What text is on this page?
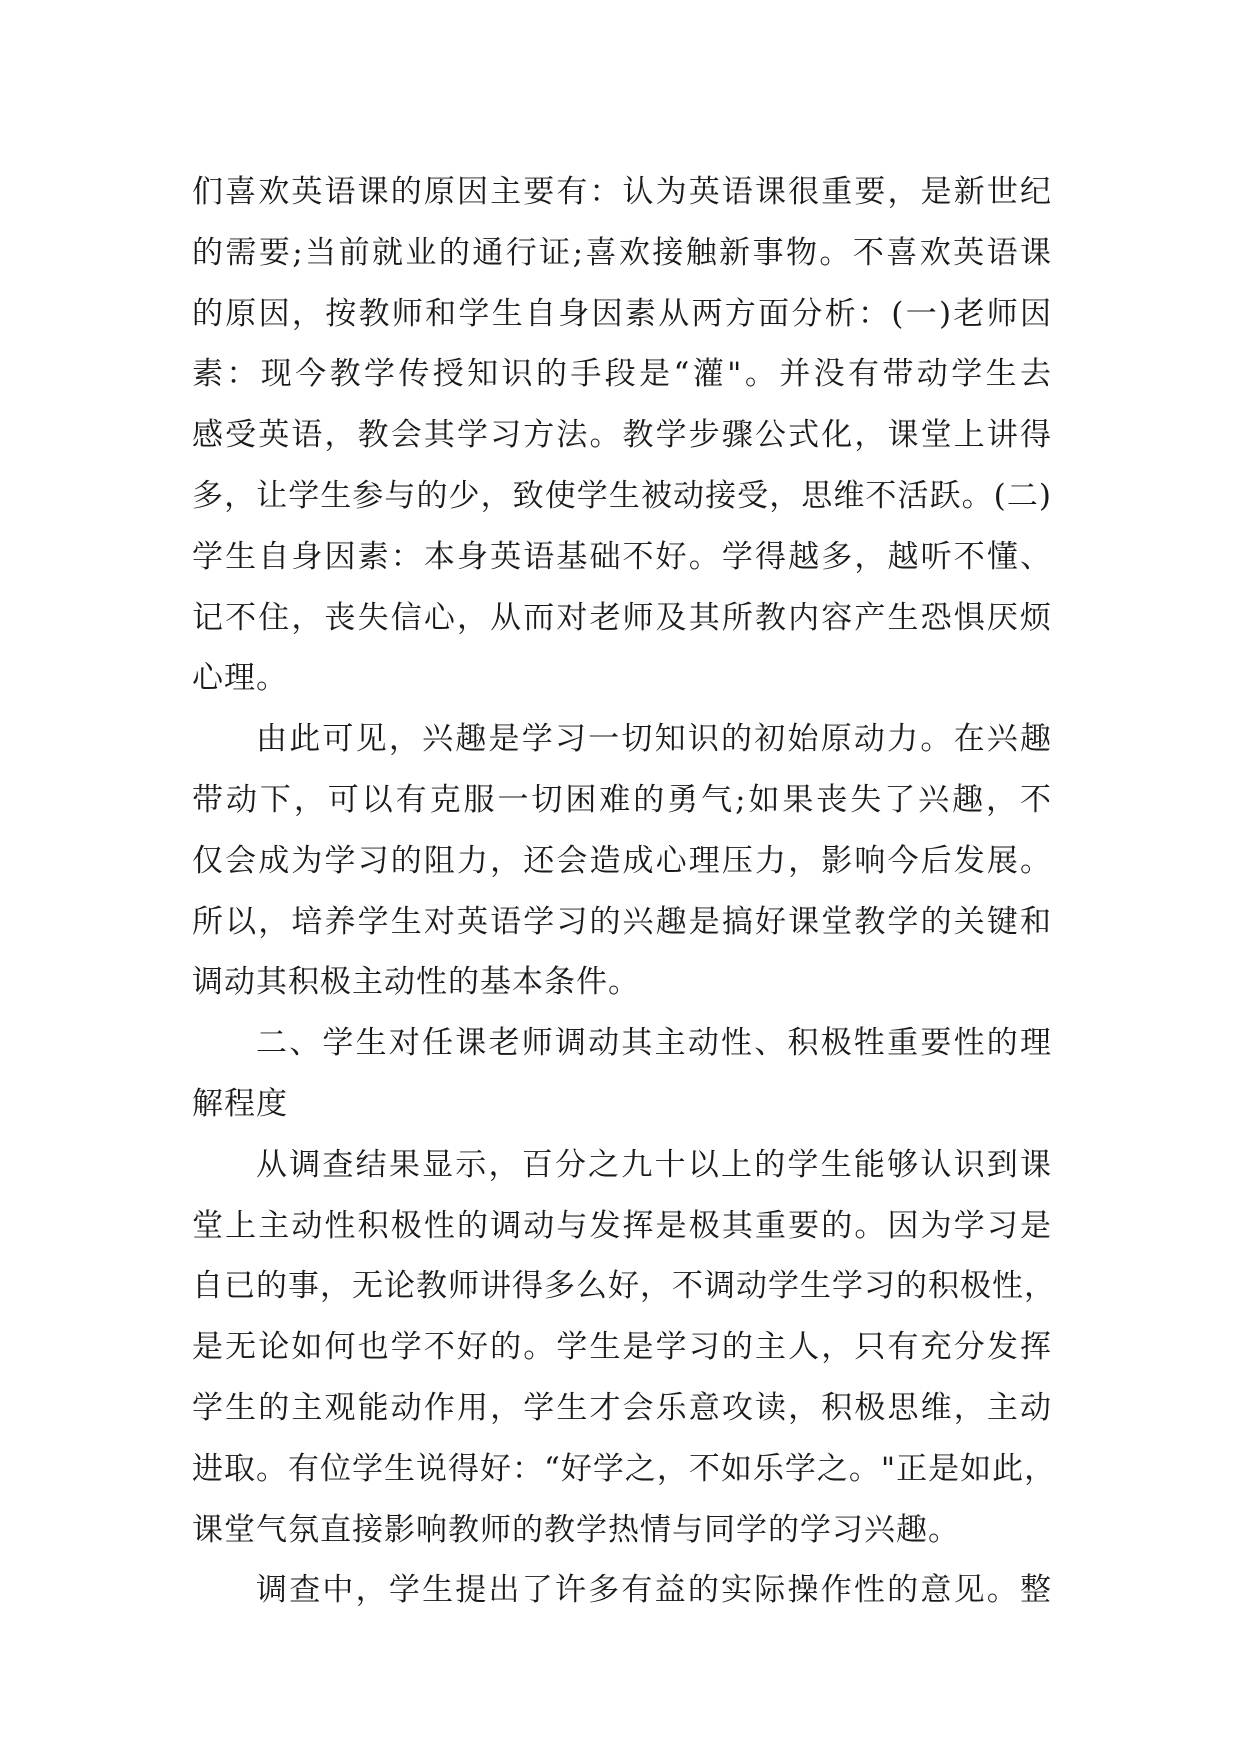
们喜欢英语课的原因主要有：认为英语课很重要，是新世纪
的需要;当前就业的通行证;喜欢接触新事物。不喜欢英语课
的原因，按教师和学生自身因素从两方面分析：(一)老师因
素：现今教学传授知识的手段是“灌"。并没有带动学生去
感受英语，教会其学习方法。教学步骤公式化，课堂上讲得
多，让学生参与的少，致使学生被动接受，思维不活跃。(二)
学生自身因素：本身英语基础不好。学得越多，越听不懂、
记不住，丧失信心，从而对老师及其所教内容产生恐惧厌烦
心理。
由此可见，兴趣是学习一切知识的初始原动力。在兴趣
带动下，可以有克服一切困难的勇气;如果丧失了兴趣，不
仅会成为学习的阻力，还会造成心理压力，影响今后发展。
所以，培养学生对英语学习的兴趣是搞好课堂教学的关键和
调动其积极主动性的基本条件。
二、学生对任课老师调动其主动性、积极牲重要性的理
解程度
从调查结果显示，百分之九十以上的学生能够认识到课
堂上主动性积极性的调动与发挥是极其重要的。因为学习是
自已的事，无论教师讲得多么好，不调动学生学习的积极性，
是无论如何也学不好的。学生是学习的主人，只有充分发挥
学生的主观能动作用，学生才会乐意攻读，积极思维，主动
进取。有位学生说得好：“好学之，不如乐学之。"正是如此，
课堂气氛直接影响教师的教学热情与同学的学习兴趣。
调查中，学生提出了许多有益的实际操作性的意见。整
